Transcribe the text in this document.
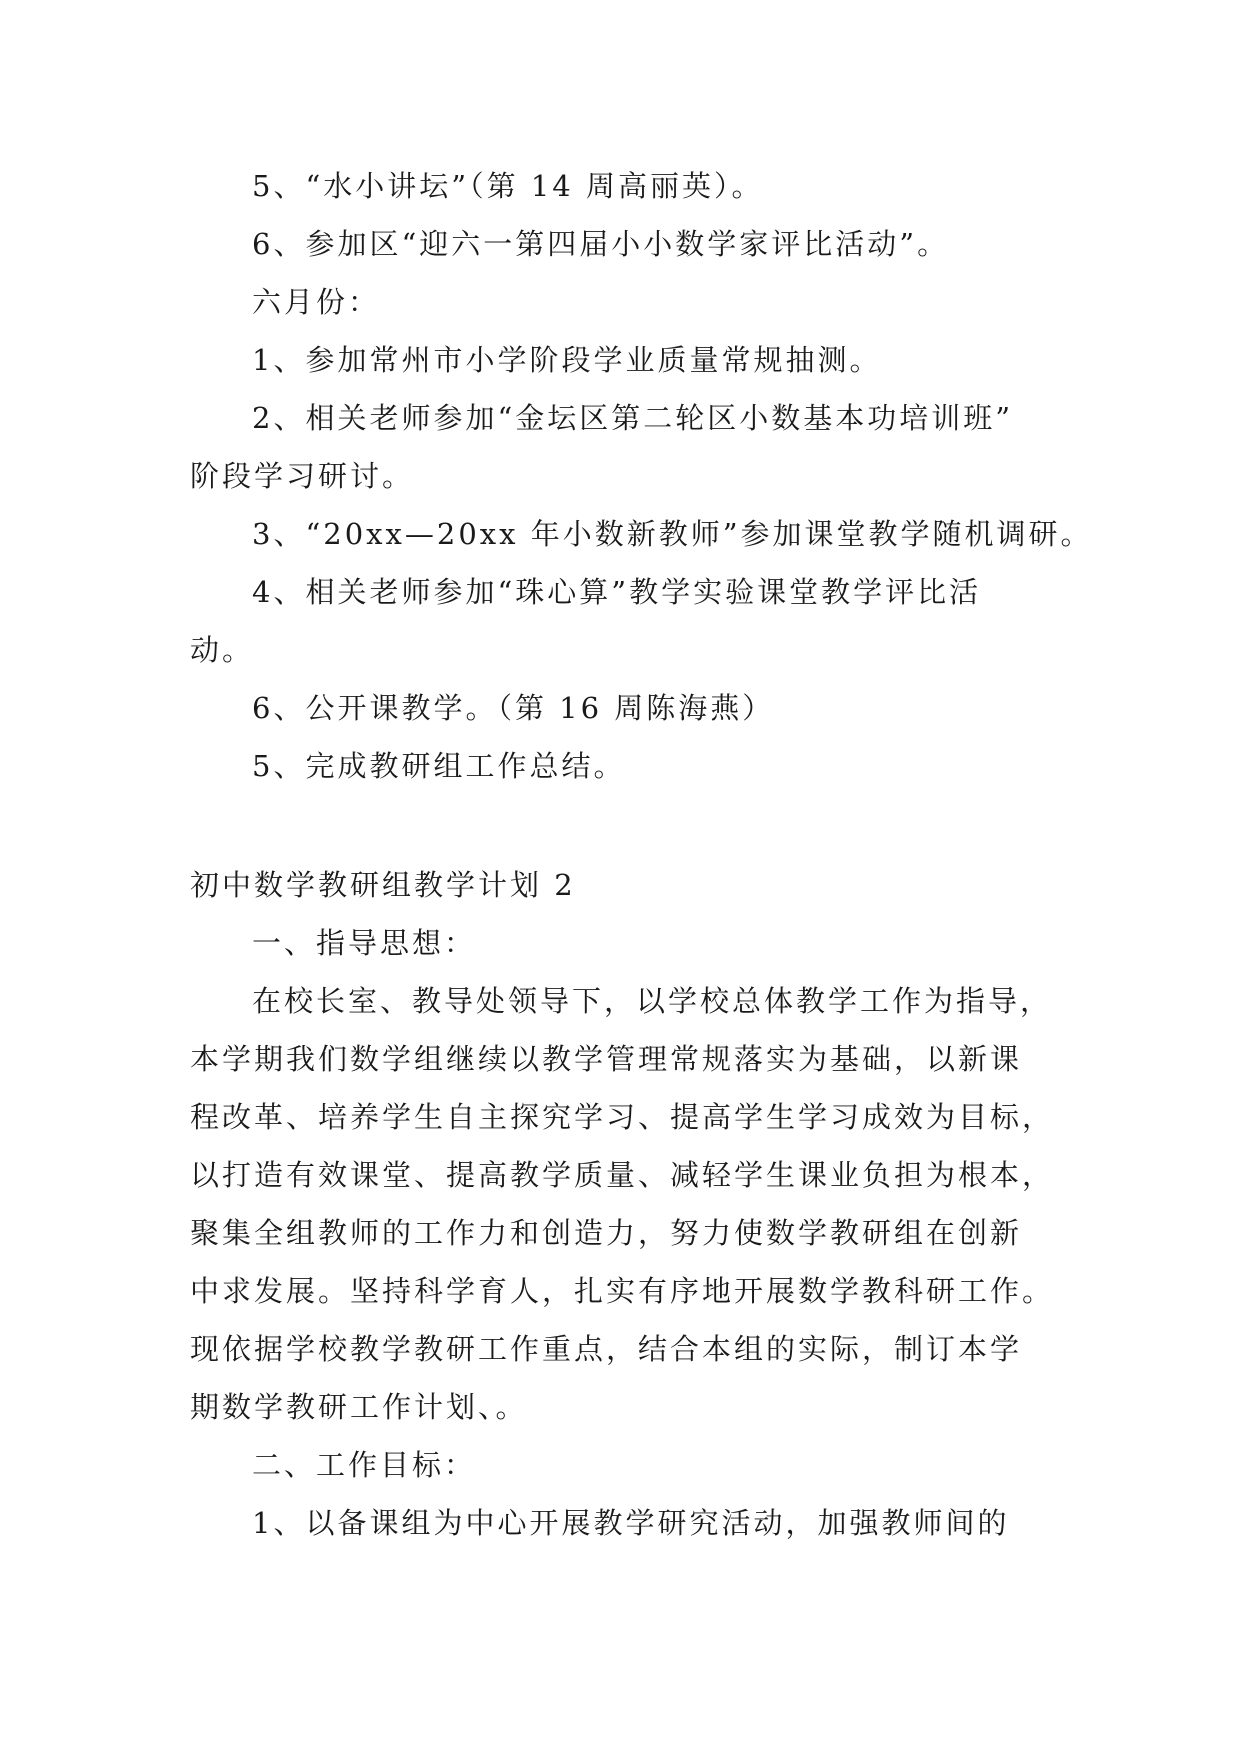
5、“水小讲坛”（第 14 周高丽英）。

6、参加区“迎六一第四届小小数学家评比活动”。

六月份：

1、参加常州市小学阶段学业质量常规抽测。

2、相关老师参加“金坛区第二轮区小数基本功培训班”

阶段学习研讨。

3、“20xx—20xx 年小数新教师”参加课堂教学随机调研。

4、相关老师参加“珠心算”教学实验课堂教学评比活

动。

6、公开课教学。（第 16 周陈海燕）

5、完成教研组工作总结。

初中数学教研组教学计划 2

一、指导思想：

在校长室、教导处领导下，以学校总体教学工作为指导，

本学期我们数学组继续以教学管理常规落实为基础，以新课

程改革、培养学生自主探究学习、提高学生学习成效为目标，

以打造有效课堂、提高教学质量、减轻学生课业负担为根本，

聚集全组教师的工作力和创造力，努力使数学教研组在创新

中求发展。坚持科学育人，扎实有序地开展数学教科研工作。

现依据学校教学教研工作重点，结合本组的实际，制订本学

期数学教研工作计划、。

二、工作目标：

1、以备课组为中心开展教学研究活动，加强教师间的
